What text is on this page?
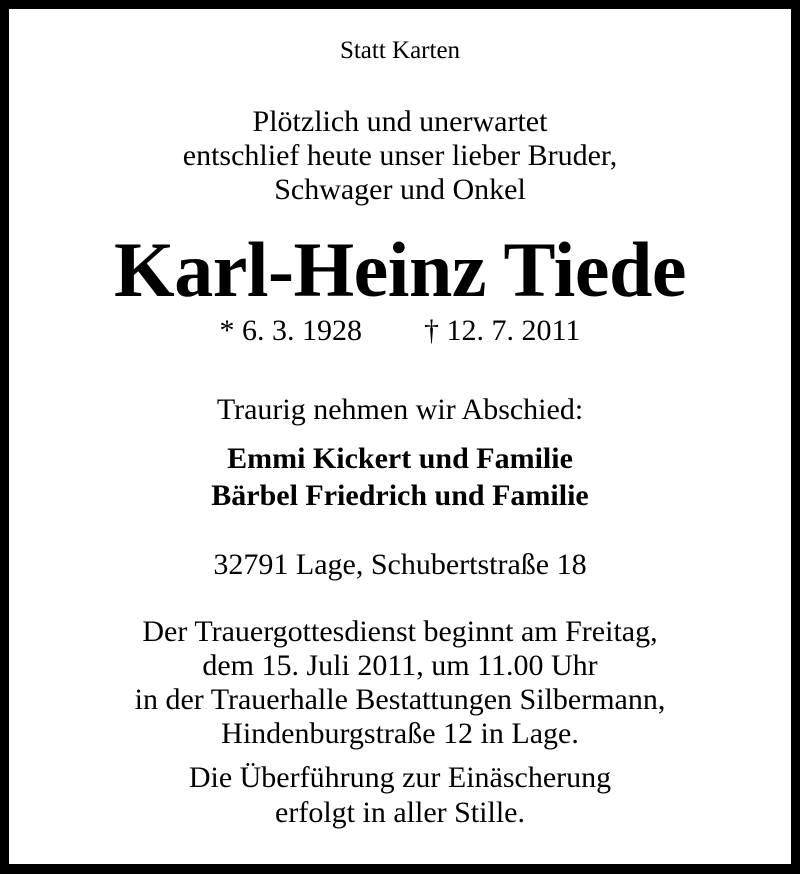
Statt Karten
Plötzlich und unerwartet
entschlief heute unser lieber Bruder,
Schwager und Onkel
Karl-Heinz Tiede
* 6. 3. 1928 † 12. 7. 2011
Traurig nehmen wir Abschied:
Emmi Kickert und Familie
Bärbel Friedrich und Familie
32791 Lage, Schubertstraße 18
Der Trauergottesdienst beginnt am Freitag,
dem 15. Juli 2011, um 11.00 Uhr
in der Trauerhalle Bestattungen Silbermann,
Hindenburgstraße 12 in Lage.
Die Überführung zur Einäscherung
erfolgt in aller Stille.
